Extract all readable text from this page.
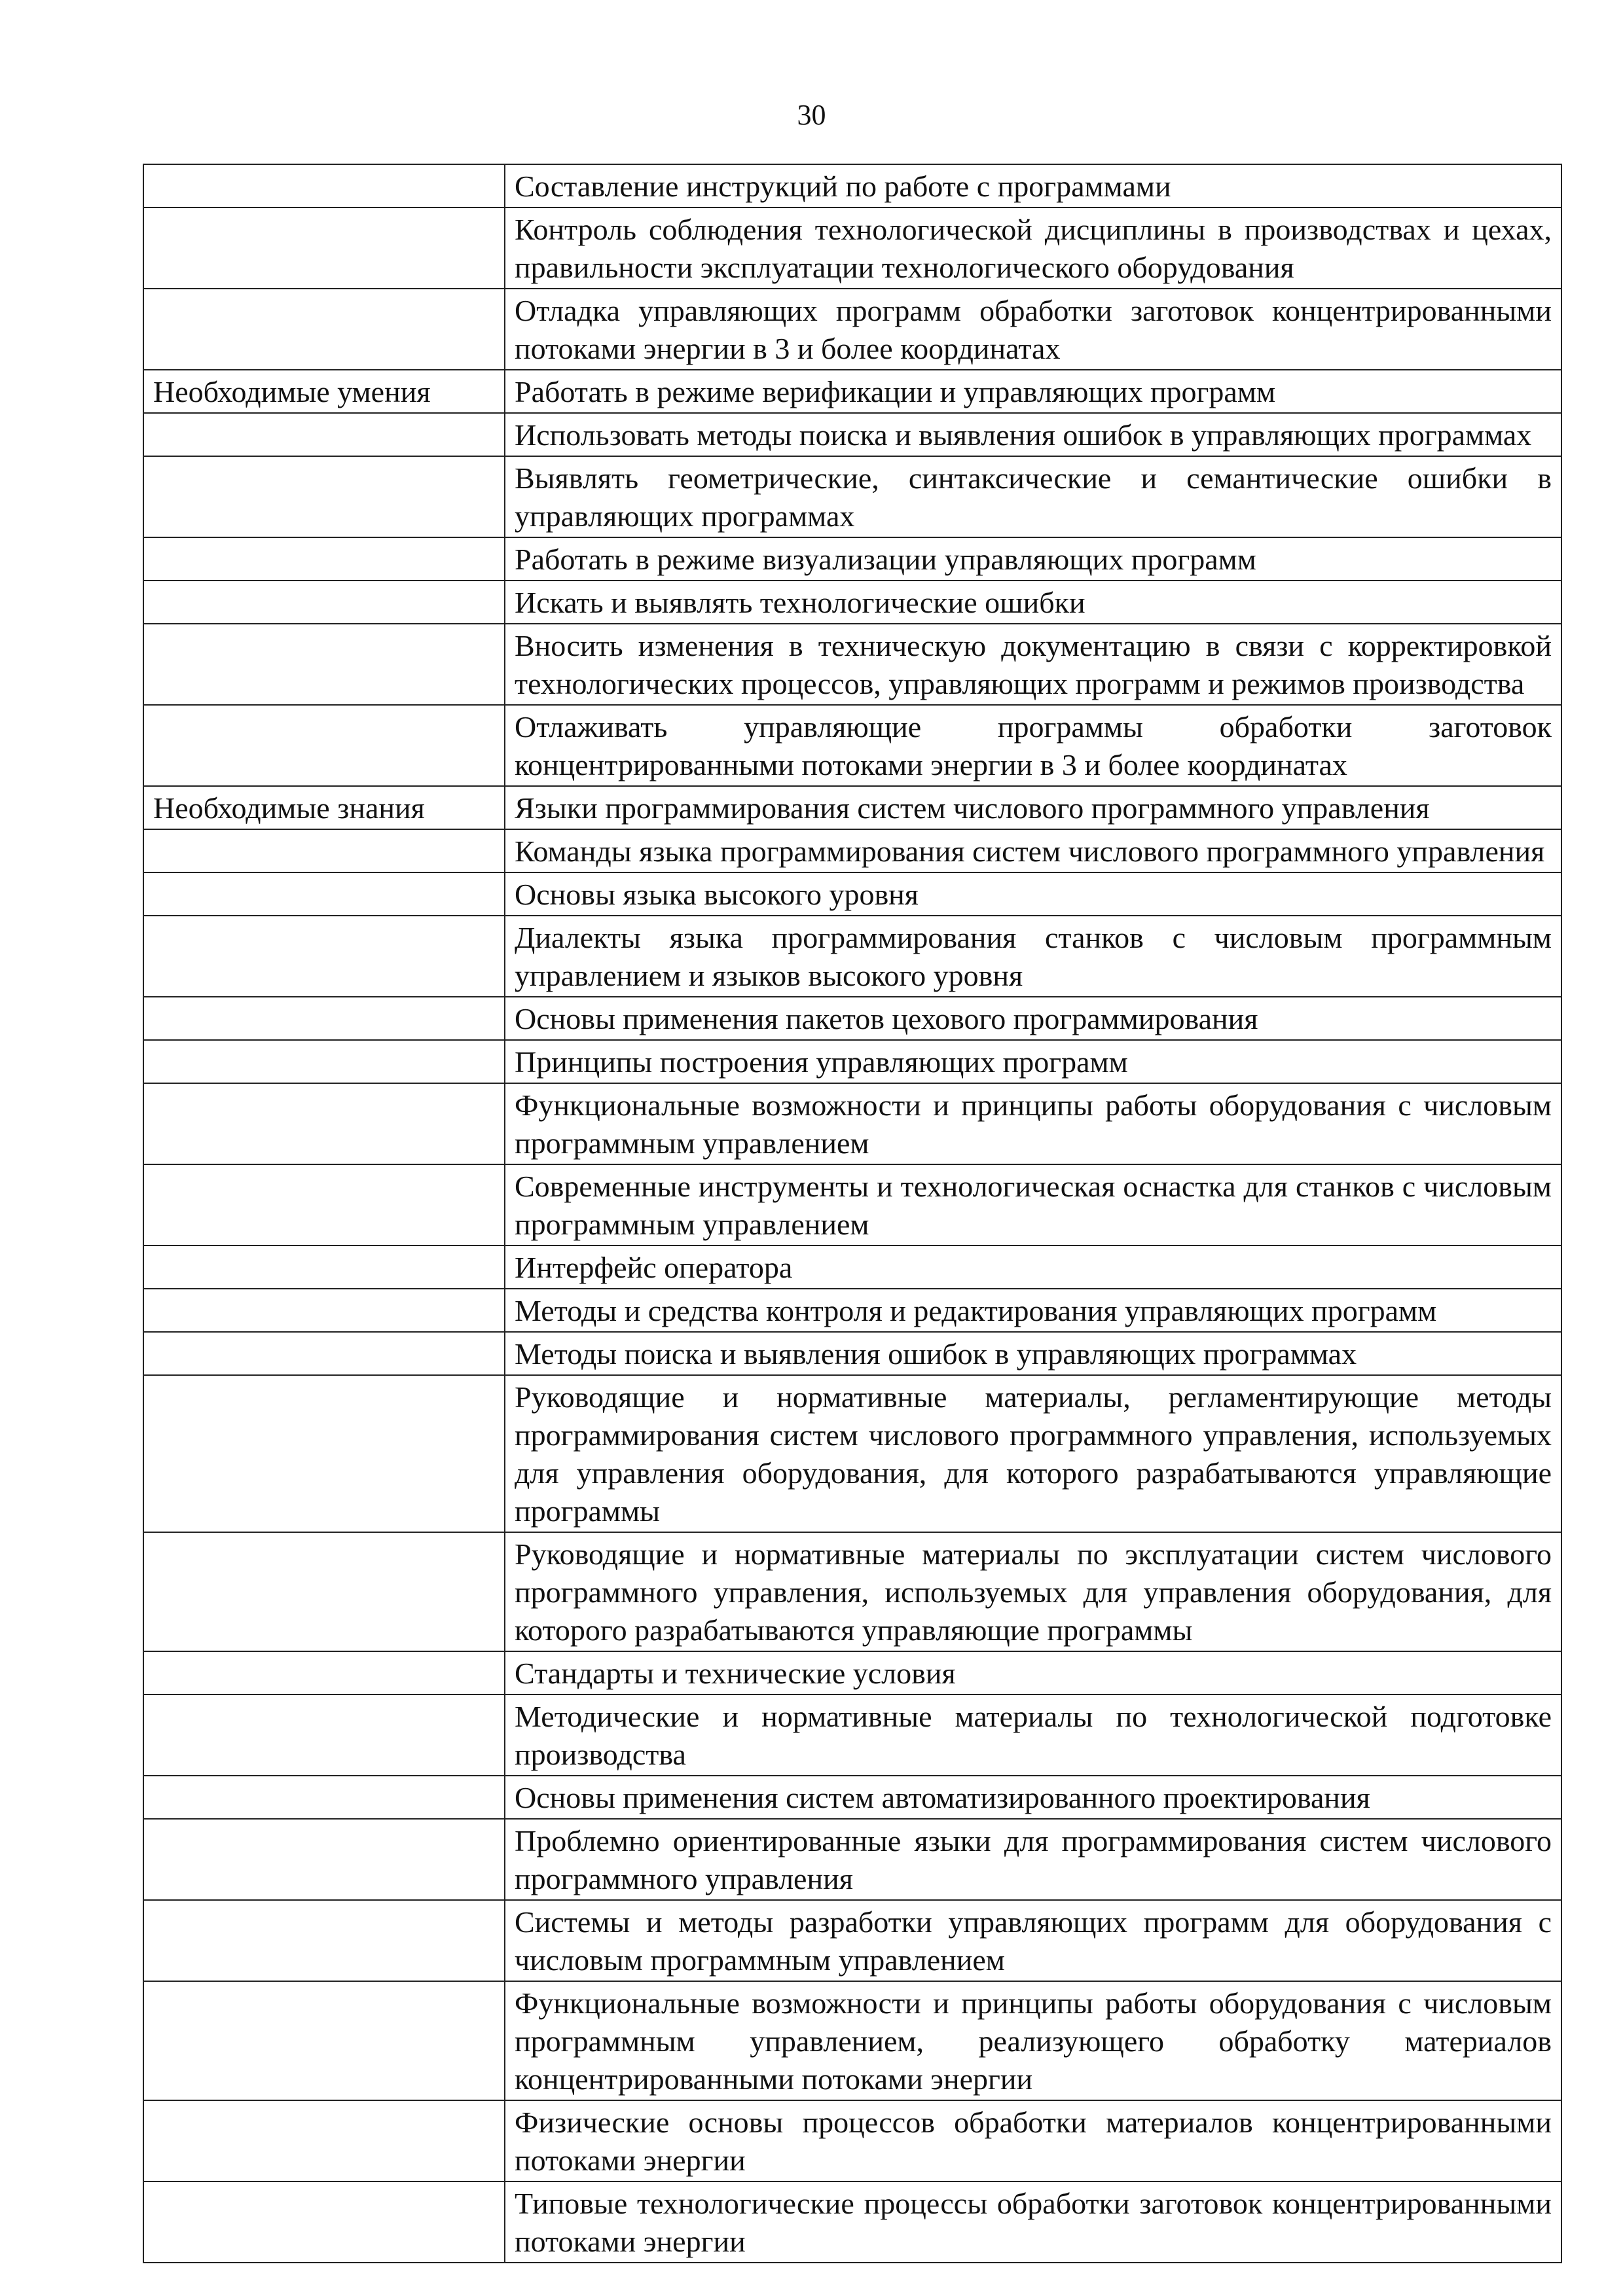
30
	Составление инструкций по работе с программами
	Контроль соблюдения технологической дисциплины в производствах и цехах, правильности эксплуатации технологического оборудования
	Отладка управляющих программ обработки заготовок концентрированными потоками энергии в 3 и более координатах
Необходимые умения	Работать в режиме верификации и управляющих программ
	Использовать методы поиска и выявления ошибок в управляющих программах
	Выявлять геометрические, синтаксические и семантические ошибки в управляющих программах
	Работать в режиме визуализации управляющих программ
	Искать и выявлять технологические ошибки
	Вносить изменения в техническую документацию в связи с корректировкой технологических процессов, управляющих программ и режимов производства
	Отлаживать управляющие программы обработки заготовок концентрированными потоками энергии в 3 и более координатах
Необходимые знания	Языки программирования систем числового программного управления
	Команды языка программирования систем числового программного управления
	Основы языка высокого уровня
	Диалекты языка программирования станков с числовым программным управлением и языков высокого уровня
	Основы применения пакетов цехового программирования
	Принципы построения управляющих программ
	Функциональные возможности и принципы работы оборудования с числовым программным управлением
	Современные инструменты и технологическая оснастка для станков с числовым программным управлением
	Интерфейс оператора
	Методы и средства контроля и редактирования управляющих программ
	Методы поиска и выявления ошибок в управляющих программах
	Руководящие и нормативные материалы, регламентирующие методы программирования систем числового программного управления, используемых для управления оборудования, для которого разрабатываются управляющие программы
	Руководящие и нормативные материалы по эксплуатации систем числового программного управления, используемых для управления оборудования, для которого разрабатываются управляющие программы
	Стандарты и технические условия
	Методические и нормативные материалы по технологической подготовке производства
	Основы применения систем автоматизированного проектирования
	Проблемно ориентированные языки для программирования систем числового программного управления
	Системы и методы разработки управляющих программ для оборудования с числовым программным управлением
	Функциональные возможности и принципы работы оборудования с числовым программным управлением, реализующего обработку материалов концентрированными потоками энергии
	Физические основы процессов обработки материалов концентрированными потоками энергии
	Типовые технологические процессы обработки заготовок концентрированными потоками энергии
